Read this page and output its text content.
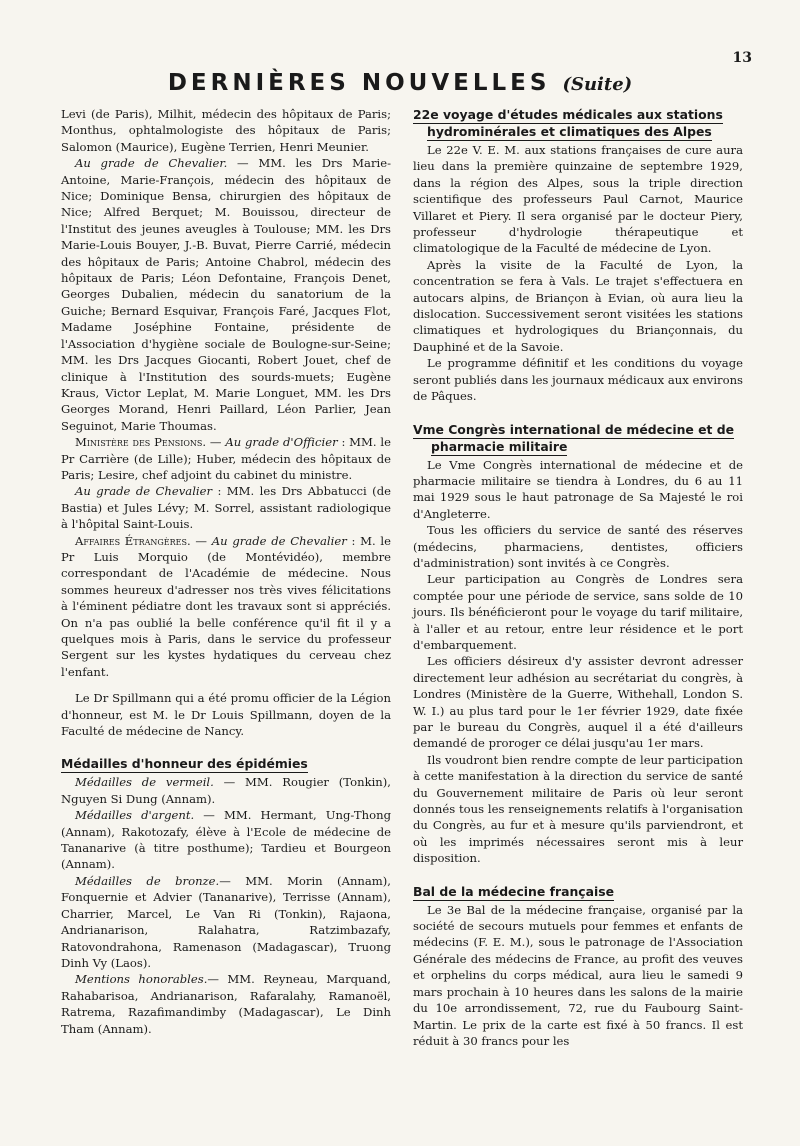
13
DERNIÈRES NOUVELLES (Suite)

Levi (de Paris), Milhit, médecin des hôpitaux de Paris; Monthus, ophtalmologiste des hôpitaux de Paris; Salomon (Maurice), Eugène Terrien, Henri Meunier.

Au grade de Chevalier. — MM. les Drs Marie-Antoine, Marie-François, médecin des hôpitaux de Nice; Dominique Bensa, chirurgien des hôpitaux de Nice; Alfred Berquet; M. Bouissou, directeur de l'Institut des jeunes aveugles à Toulouse; MM. les Drs Marie-Louis Bouyer, J.-B. Buvat, Pierre Carrié, médecin des hôpitaux de Paris; Antoine Chabrol, médecin des hôpitaux de Paris; Léon Defontaine, François Denet, Georges Dubalien, médecin du sanatorium de la Guiche; Bernard Esquivar, François Faré, Jacques Flot, Madame Joséphine Fontaine, présidente de l'Association d'hygiène sociale de Boulogne-sur-Seine; MM. les Drs Jacques Giocanti, Robert Jouet, chef de clinique à l'Institution des sourds-muets; Eugène Kraus, Victor Leplat, M. Marie Longuet, MM. les Drs Georges Morand, Henri Paillard, Léon Parlier, Jean Seguinot, Marie Thoumas.

Ministère des Pensions. — Au grade d'Officier : MM. le Pr Carrière (de Lille); Huber, médecin des hôpitaux de Paris; Lesire, chef adjoint du cabinet du ministre.

Au grade de Chevalier : MM. les Drs Abbatucci (de Bastia) et Jules Lévy; M. Sorrel, assistant radiologique à l'hôpital Saint-Louis.

Affaires Étrangères. — Au grade de Chevalier : M. le Pr Luis Morquio (de Montévidéo), membre correspondant de l'Académie de médecine. Nous sommes heureux d'adresser nos très vives félicitations à l'éminent pédiatre dont les travaux sont si appréciés. On n'a pas oublié la belle conférence qu'il fit il y a quelques mois à Paris, dans le service du professeur Sergent sur les kystes hydatiques du cerveau chez l'enfant.

Le Dr Spillmann qui a été promu officier de la Légion d'honneur, est M. le Dr Louis Spillmann, doyen de la Faculté de médecine de Nancy.

Médailles d'honneur des épidémies

Médailles de vermeil. — MM. Rougier (Tonkin), Nguyen Si Dung (Annam).

Médailles d'argent. — MM. Hermant, Ung-Thong (Annam), Rakotozafy, élève à l'Ecole de médecine de Tananarive (à titre posthume); Tardieu et Bourgeon (Annam).

Médailles de bronze.— MM. Morin (Annam), Fonquernie et Advier (Tananarive), Terrisse (Annam), Charrier, Marcel, Le Van Ri (Tonkin), Rajaona, Andrianarison, Ralahatra, Ratzimbazafy, Ratovondrahona, Ramenason (Madagascar), Truong Dinh Vy (Laos).

Mentions honorables.— MM. Reyneau, Marquand, Rahabarisoa, Andrianarison, Rafaralahy, Ramanoël, Ratrema, Razafimandimby (Madagascar), Le Dinh Tham (Annam).

22e voyage d'études médicales aux stations
hydrominérales et climatiques des Alpes

Le 22e V. E. M. aux stations françaises de cure aura lieu dans la première quinzaine de septembre 1929, dans la région des Alpes, sous la triple direction scientifique des professeurs Paul Carnot, Maurice Villaret et Piery. Il sera organisé par le docteur Piery, professeur d'hydrologie thérapeutique et climatologique de la Faculté de médecine de Lyon.

Après la visite de la Faculté de Lyon, la concentration se fera à Vals. Le trajet s'effectuera en autocars alpins, de Briançon à Evian, où aura lieu la dislocation. Successivement seront visitées les stations climatiques et hydrologiques du Briançonnais, du Dauphiné et de la Savoie.

Le programme définitif et les conditions du voyage seront publiés dans les journaux médicaux aux environs de Pâques.

Vme Congrès international de médecine et de
pharmacie militaire

Le Vme Congrès international de médecine et de pharmacie militaire se tiendra à Londres, du 6 au 11 mai 1929 sous le haut patronage de Sa Majesté le roi d'Angleterre.

Tous les officiers du service de santé des réserves (médecins, pharmaciens, dentistes, officiers d'administration) sont invités à ce Congrès.

Leur participation au Congrès de Londres sera comptée pour une période de service, sans solde de 10 jours. Ils bénéficieront pour le voyage du tarif militaire, à l'aller et au retour, entre leur résidence et le port d'embarquement.

Les officiers désireux d'y assister devront adresser directement leur adhésion au secrétariat du congrès, à Londres (Ministère de la Guerre, Withehall, London S. W. I.) au plus tard pour le 1er février 1929, date fixée par le bureau du Congrès, auquel il a été d'ailleurs demandé de proroger ce délai jusqu'au 1er mars.

Ils voudront bien rendre compte de leur participation à cette manifestation à la direction du service de santé du Gouvernement militaire de Paris où leur seront donnés tous les renseignements relatifs à l'organisation du Congrès, au fur et à mesure qu'ils parviendront, et où les imprimés nécessaires seront mis à leur disposition.

Bal de la médecine française

Le 3e Bal de la médecine française, organisé par la société de secours mutuels pour femmes et enfants de médecins (F. E. M.), sous le patronage de l'Association Générale des médecins de France, au profit des veuves et orphelins du corps médical, aura lieu le samedi 9 mars prochain à 10 heures dans les salons de la mairie du 10e arrondissement, 72, rue du Faubourg Saint-Martin. Le prix de la carte est fixé à 50 francs. Il est réduit à 30 francs pour les
